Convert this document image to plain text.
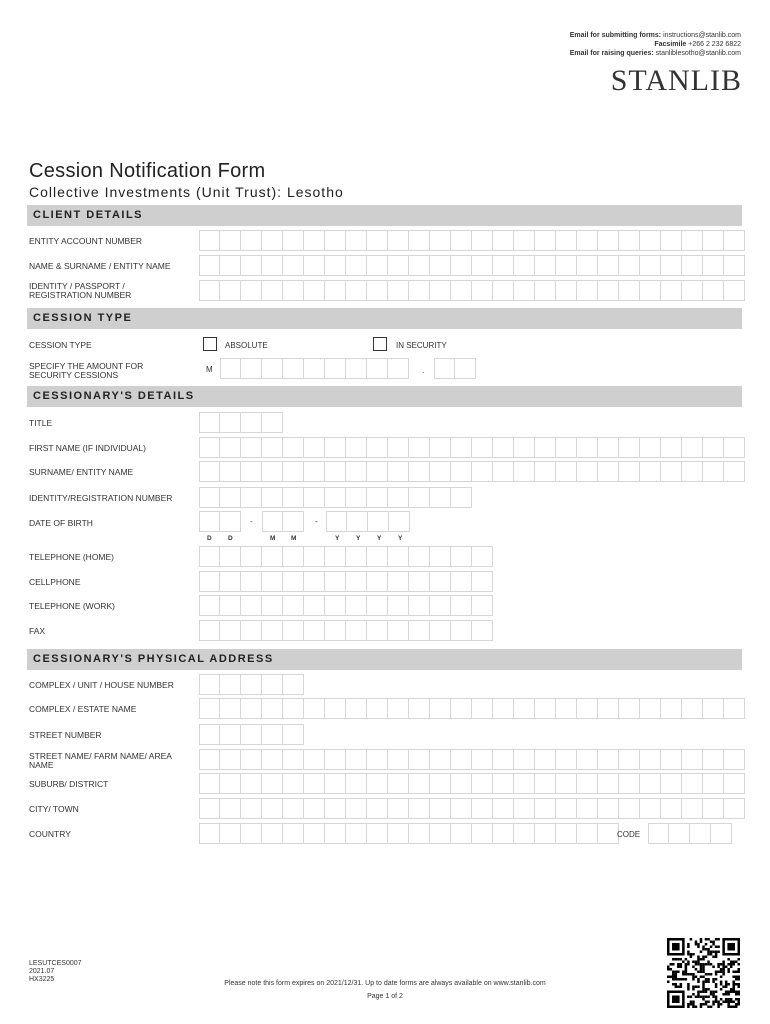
Email for submitting forms: instructions@stanlib.com
Facsimile +266 2 232 6822
Email for raising queries: stanliblesotho@stanlib.com
STANLIB
Cession Notification Form
Collective Investments (Unit Trust): Lesotho
CLIENT DETAILS
ENTITY ACCOUNT NUMBER
NAME & SURNAME / ENTITY NAME
IDENTITY / PASSPORT /
REGISTRATION NUMBER
CESSION TYPE
CESSION TYPE	ABSOLUTE	IN SECURITY
SPECIFY THE AMOUNT FOR
SECURITY CESSIONS
M	.
CESSIONARY'S DETAILS
TITLE
FIRST NAME (IF INDIVIDUAL)
SURNAME/ ENTITY NAME
IDENTITY/REGISTRATION NUMBER
DATE OF BIRTH	-	-
D D	M M	Y Y Y Y
TELEPHONE (HOME)
CELLPHONE
TELEPHONE (WORK)
FAX
CESSIONARY'S PHYSICAL ADDRESS
COMPLEX / UNIT / HOUSE NUMBER
COMPLEX / ESTATE NAME
STREET NUMBER
STREET NAME/ FARM NAME/ AREA
NAME
SUBURB/ DISTRICT
CITY/ TOWN
COUNTRY	CODE
LESUTCES0007
2021.07
HX3225
Please note this form expires on 2021/12/31. Up to date forms are always available on www.stanlib.com
Page 1 of 2
